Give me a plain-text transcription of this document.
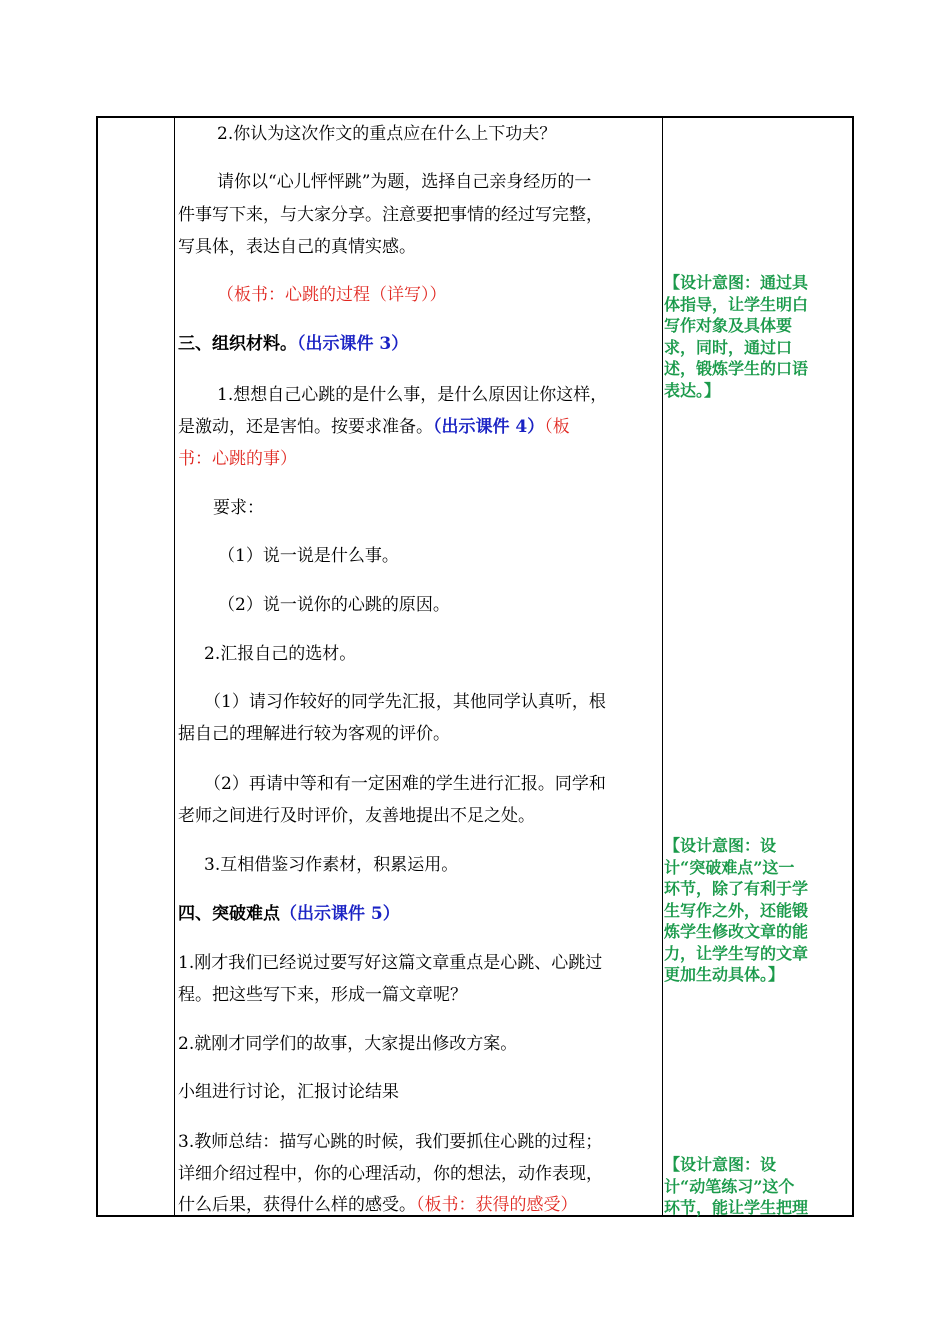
2.你认为这次作文的重点应在什么上下功夫？
请你以“心儿怦怦跳”为题，选择自己亲身经历的一
件事写下来，与大家分享。注意要把事情的经过写完整，
写具体，表达自己的真情实感。
（板书：心跳的过程（详写））
三、组织材料。（出示课件 3）
1.想想自己心跳的是什么事，是什么原因让你这样，
是激动，还是害怕。按要求准备。（出示课件 4）（板
书：心跳的事）
要求：
（1）说一说是什么事。
（2）说一说你的心跳的原因。
2.汇报自己的选材。
（1）请习作较好的同学先汇报，其他同学认真听，根
据自己的理解进行较为客观的评价。
（2）再请中等和有一定困难的学生进行汇报。同学和
老师之间进行及时评价，友善地提出不足之处。
3.互相借鉴习作素材，积累运用。
四、突破难点（出示课件 5）
1.刚才我们已经说过要写好这篇文章重点是心跳、心跳过
程。把这些写下来，形成一篇文章呢？
2.就刚才同学们的故事，大家提出修改方案。
小组进行讨论，汇报讨论结果
3.教师总结：描写心跳的时候，我们要抓住心跳的过程；
详细介绍过程中，你的心理活动，你的想法，动作表现，
什么后果，获得什么样的感受。（板书：获得的感受）
【设计意图：通过具
体指导，让学生明白
写作对象及具体要
求，同时，通过口
述，锻炼学生的口语
表达。】
【设计意图：设
计“突破难点”这一
环节，除了有利于学
生写作之外，还能锻
炼学生修改文章的能
力，让学生写的文章
更加生动具体。】
【设计意图：设
计“动笔练习”这个
环节，能让学生把理
